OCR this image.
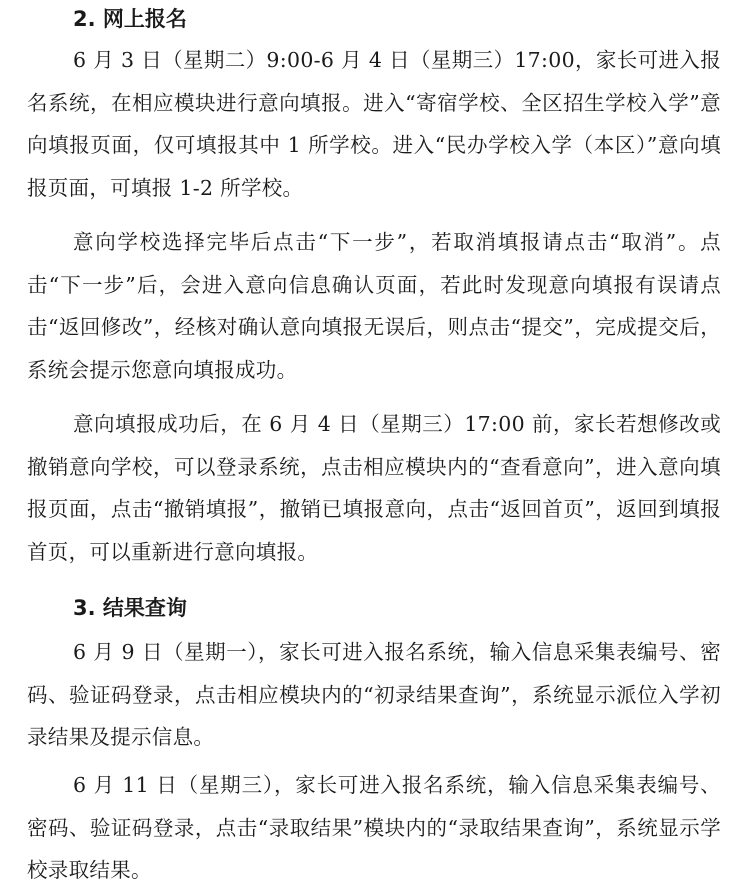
2. 网上报名

6 月 3 日（星期二）9:00-6 月 4 日（星期三）17:00，家长可进入报名系统，在相应模块进行意向填报。进入“寄宿学校、全区招生学校入学”意向填报页面，仅可填报其中 1 所学校。进入“民办学校入学（本区）”意向填报页面，可填报 1-2 所学校。

意向学校选择完毕后点击“下一步”，若取消填报请点击“取消”。点击“下一步”后，会进入意向信息确认页面，若此时发现意向填报有误请点击“返回修改”，经核对确认意向填报无误后，则点击“提交”，完成提交后，系统会提示您意向填报成功。

意向填报成功后，在 6 月 4 日（星期三）17:00 前，家长若想修改或撤销意向学校，可以登录系统，点击相应模块内的“查看意向”，进入意向填报页面，点击“撤销填报”，撤销已填报意向，点击“返回首页”，返回到填报首页，可以重新进行意向填报。

3. 结果查询

6 月 9 日（星期一），家长可进入报名系统，输入信息采集表编号、密码、验证码登录，点击相应模块内的“初录结果查询”，系统显示派位入学初录结果及提示信息。

6 月 11 日（星期三），家长可进入报名系统，输入信息采集表编号、密码、验证码登录，点击“录取结果”模块内的“录取结果查询”，系统显示学校录取结果。
